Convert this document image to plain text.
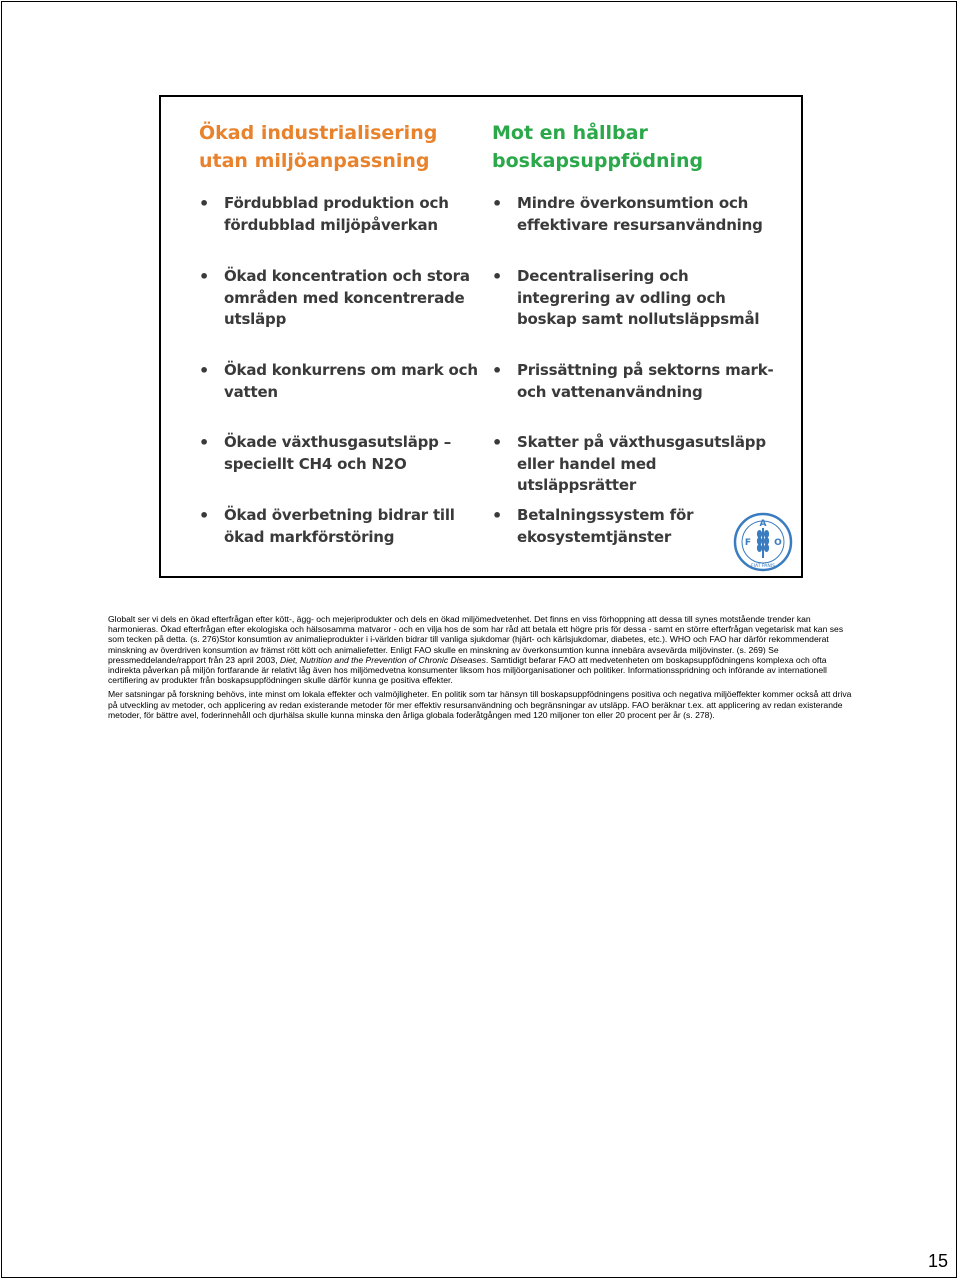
Ökad industrialisering utan miljöanpassning
• Fördubblad produktion och fördubblad miljöpåverkan
• Ökad koncentration och stora områden med koncentrerade utsläpp
• Ökad konkurrens om mark och vatten
• Ökade växthusgasutsläpp – speciellt CH4 och N2O
• Ökad överbetning bidrar till ökad markförstöring
Mot en hållbar boskapsuppfödning
• Mindre överkonsumtion och effektivare resursanvändning
• Decentralisering och integrering av odling och boskap samt nollutsläppsmål
• Prissättning på sektorns mark- och vattenanvändning
• Skatter på växthusgasutsläpp eller handel med utsläppsrätter
• Betalningssystem för ekosystemtjänster	F
A
O
FIAT PANIS

Globalt ser vi dels en ökad efterfrågan efter kött-, ägg- och mejeriprodukter och dels en ökad miljömedvetenhet. Det finns en viss förhoppning att dessa till synes motstående trender kan harmonieras. Ökad efterfrågan efter ekologiska och hälsosamma matvaror - och en vilja hos de som har råd att betala ett högre pris för dessa - samt en större efterfrågan vegetarisk mat kan ses som tecken på detta. (s. 276)Stor konsumtion av animalieprodukter i i-världen bidrar till vanliga sjukdomar (hjärt- och kärlsjukdomar, diabetes, etc.). WHO och FAO har därför rekommenderat minskning av överdriven konsumtion av främst rött kött och animaliefetter. Enligt FAO skulle en minskning av överkonsumtion kunna innebära avsevärda miljövinster. (s. 269) Se pressmeddelande/rapport från 23 april 2003, Diet, Nutrition and the Prevention of Chronic Diseases. Samtidigt befarar FAO att medvetenheten om boskapsuppfödningens komplexa och ofta indirekta påverkan på miljön fortfarande är relativt låg även hos miljömedvetna konsumenter liksom hos miljöorganisationer och politiker. Informationsspridning och införande av internationell certifiering av produkter från boskapsuppfödningen skulle därför kunna ge positiva effekter.

Mer satsningar på forskning behövs, inte minst om lokala effekter och valmöjligheter. En politik som tar hänsyn till boskapsuppfödningens positiva och negativa miljöeffekter kommer också att driva på utveckling av metoder, och applicering av redan existerande metoder för mer effektiv resursanvändning och begränsningar av utsläpp. FAO beräknar t.ex. att applicering av redan existerande metoder, för bättre avel, foderinnehåll och djurhälsa skulle kunna minska den årliga globala foderåtgången med 120 miljoner ton eller 20 procent per år (s. 278).

15
